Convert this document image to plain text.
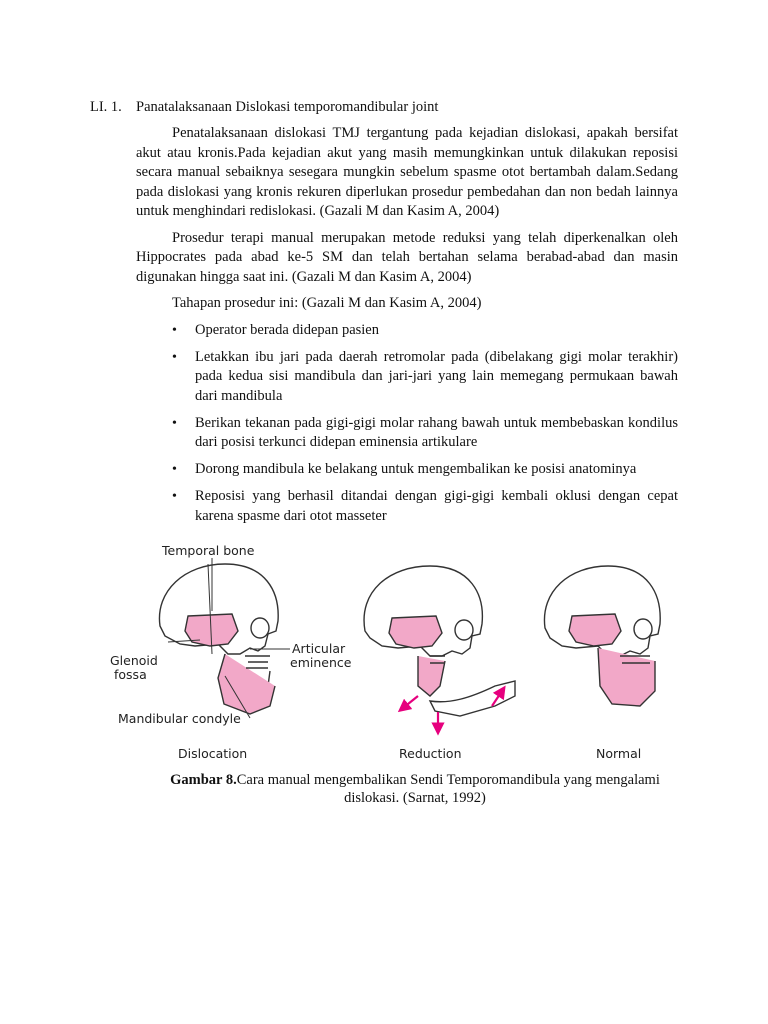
LI. 1. Panatalaksanaan Dislokasi temporomandibular joint

Penatalaksanaan dislokasi TMJ tergantung pada kejadian dislokasi, apakah bersifat akut atau kronis.Pada kejadian akut yang masih memungkinkan untuk dilakukan reposisi secara manual sebaiknya sesegara mungkin sebelum spasme otot bertambah dalam.Sedang pada dislokasi yang kronis rekuren diperlukan prosedur pembedahan dan non bedah lainnya untuk menghindari redislokasi. (Gazali M dan Kasim A, 2004)

Prosedur terapi manual merupakan metode reduksi yang telah diperkenalkan oleh Hippocrates pada abad ke-5 SM dan telah bertahan selama berabad-abad dan masin digunakan hingga saat ini. (Gazali M dan Kasim A, 2004)

Tahapan prosedur ini: (Gazali M dan Kasim A, 2004)

• Operator berada didepan pasien
• Letakkan ibu jari pada daerah retromolar pada (dibelakang gigi molar terakhir) pada kedua sisi mandibula dan jari-jari yang lain memegang permukaan bawah dari mandibula
• Berikan tekanan pada gigi-gigi molar rahang bawah untuk membebaskan kondilus dari posisi terkunci didepan eminensia artikulare
• Dorong mandibula ke belakang untuk mengembalikan ke posisi anatominya
• Reposisi yang berhasil ditandai dengan gigi-gigi kembali oklusi dengan cepat karena spasme dari otot masseter
Temporal bone
Glenoid
fossa
Articular
eminence
Mandibular condyle
Dislocation	Reduction	Normal
Gambar 8.Cara manual mengembalikan Sendi Temporomandibula yang mengalami
dislokasi. (Sarnat, 1992)
